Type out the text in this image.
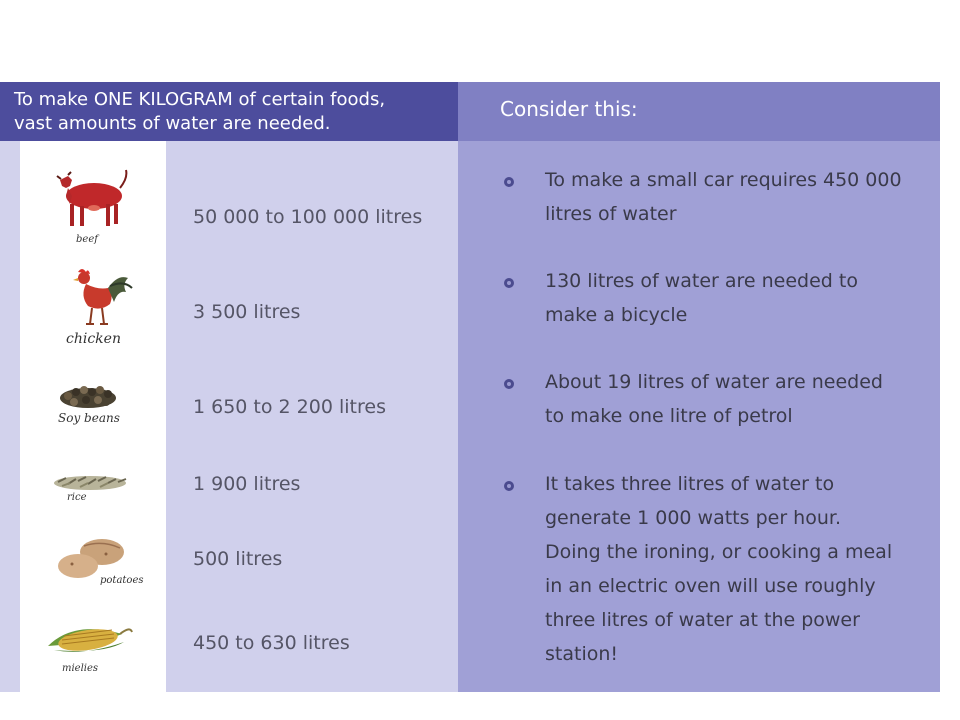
To make ONE KILOGRAM of certain foods,
vast amounts of water are needed.
Consider this:
beef
chicken
Soy beans
rice
potatoes
mielies
50 000 to 100 000 litres
3 500 litres
1 650 to 2 200 litres
1 900 litres
500 litres
450 to 630 litres
To make a small car requires 450 000
litres of water
130 litres of water are needed to
make a bicycle
About 19 litres of water are needed
to make one litre of petrol
It takes three litres of water to
generate 1 000 watts per hour.
Doing the ironing, or cooking a meal
in an electric oven will use roughly
three litres of water at the power
station!
